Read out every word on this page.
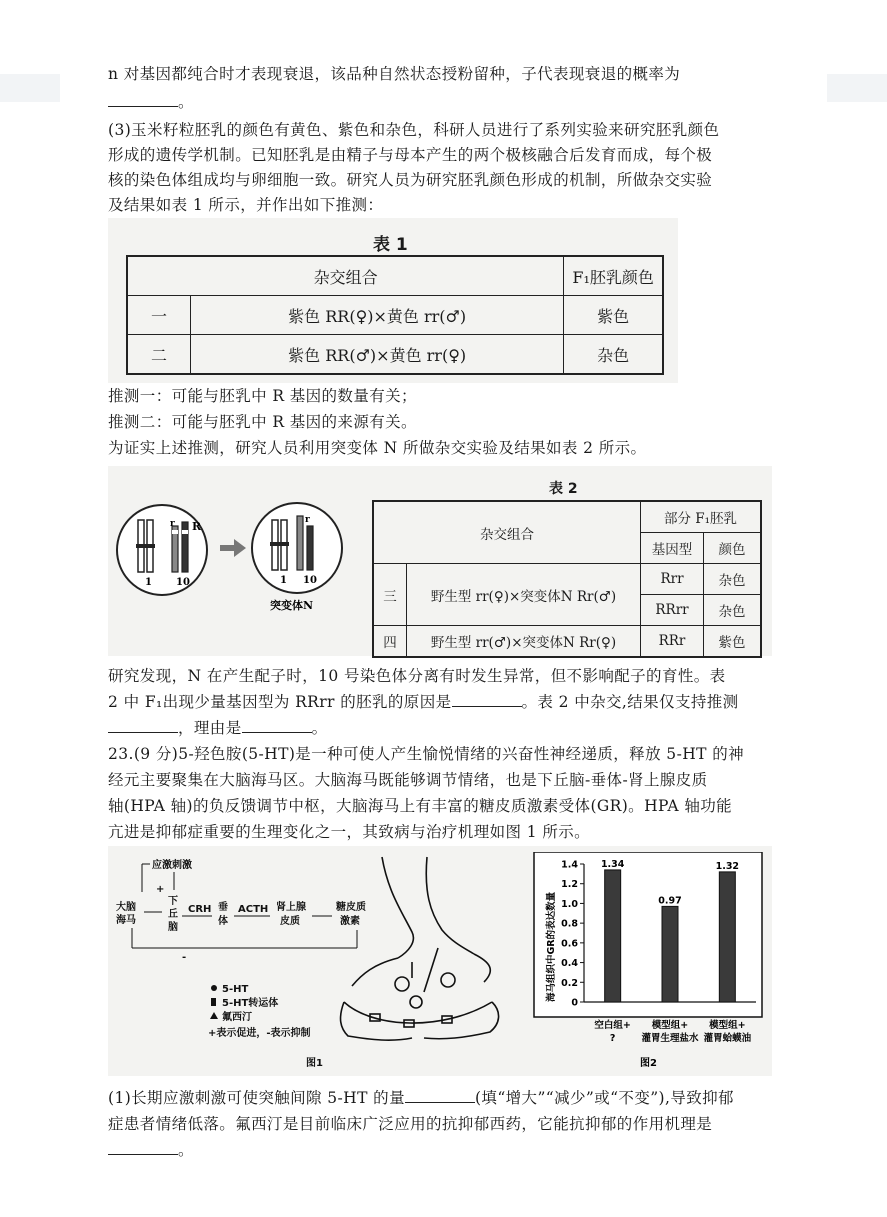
n 对基因都纯合时才表现衰退，该品种自然状态授粉留种，子代表现衰退的概率为
。
(3)玉米籽粒胚乳的颜色有黄色、紫色和杂色，科研人员进行了系列实验来研究胚乳颜色
形成的遗传学机制。已知胚乳是由精子与母本产生的两个极核融合后发育而成，每个极
核的染色体组成均与卵细胞一致。研究人员为研究胚乳颜色形成的机制，所做杂交实验
及结果如表 1 所示，并作出如下推测：
表 1
杂交组合		F₁胚乳颜色
一	紫色 RR(♀)×黄色 rr(♂)	紫色
二	紫色 RR(♂)×黄色 rr(♀)	杂色
推测一：可能与胚乳中 R 基因的数量有关；
推测二：可能与胚乳中 R 基因的来源有关。
为证实上述推测，研究人员利用突变体 N 所做杂交实验及结果如表 2 所示。
r R
1 10
r
1 10
突变体N
表 2
杂交组合		部分 F₁胚乳	
		基因型	颜色
三	野生型 rr(♀)×突变体N Rr(♂)	Rrr	杂色
		RRrr	杂色
四	野生型 rr(♂)×突变体N Rr(♀)	RRr	紫色
研究发现，N 在产生配子时，10 号染色体分离有时发生异常，但不影响配子的育性。表
2 中 F₁出现少量基因型为 RRrr 的胚乳的原因是	。表 2 中杂交,结果仅支持推测
，理由是	。
23.(9 分)5-羟色胺(5-HT)是一种可使人产生愉悦情绪的兴奋性神经递质，释放 5-HT 的神
经元主要聚集在大脑海马区。大脑海马既能够调节情绪，也是下丘脑-垂体-肾上腺皮质
轴(HPA 轴)的负反馈调节中枢，大脑海马上有丰富的糖皮质激素受体(GR)。HPA 轴功能
亢进是抑郁症重要的生理变化之一，其致病与治疗机理如图 1 所示。
应激刺激
大脑
海马
下
丘
脑
CRH 垂
体
ACTH 肾上腺
皮质
糖皮质
激素
-
+
5-HT
5-HT转运体
氟西汀
+表示促进，-表示抑制
图1
海马组织中GR的表达数量
0
0.2
0.4
0.6
0.8
1.0
1.2
1.4 1.34
空白组+
?
0.97
模型组+
灌胃生理盐水
1.32
模型组+
灌胃蛤蟆油
图2
(1)长期应激刺激可使突触间隙 5-HT 的量	(填“增大”“减少”或“不变”),导致抑郁
症患者情绪低落。氟西汀是目前临床广泛应用的抗抑郁西药，它能抗抑郁的作用机理是
。
